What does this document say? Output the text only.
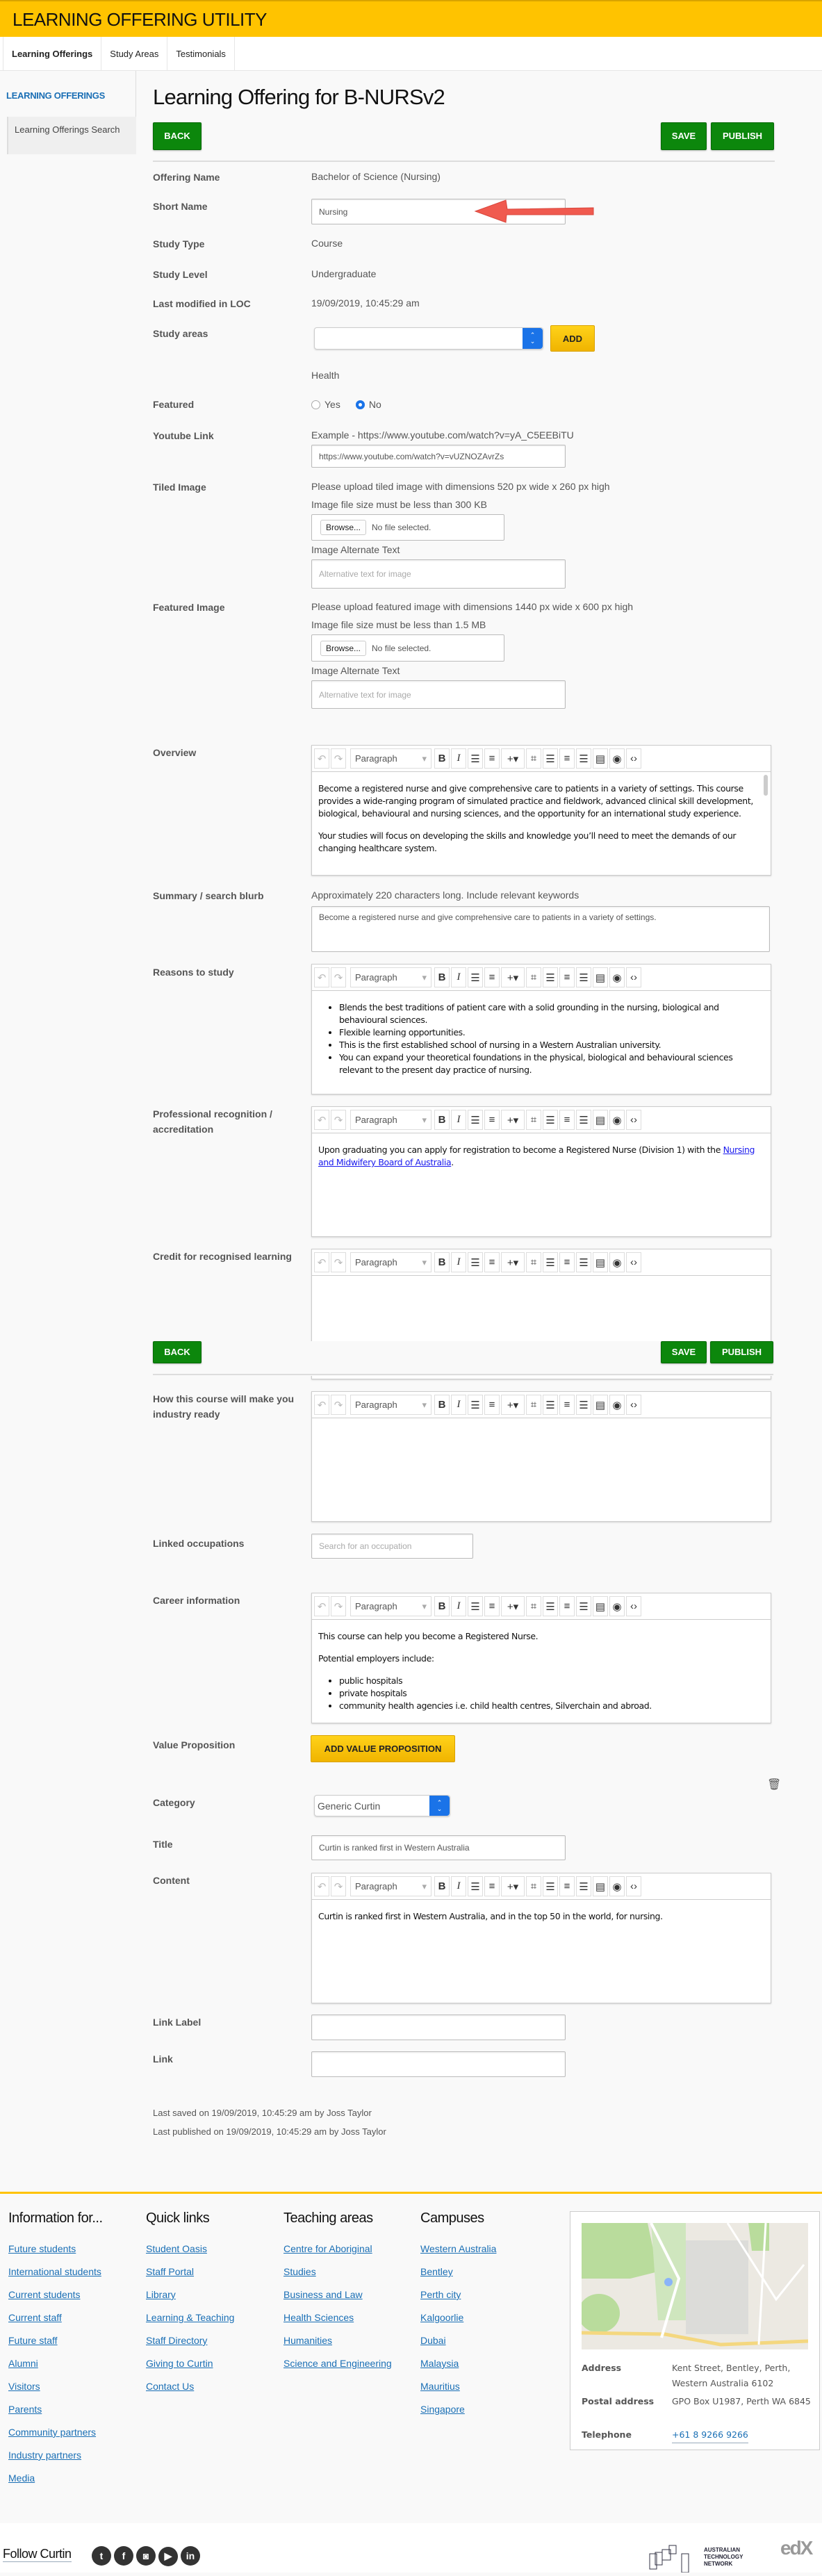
LEARNING OFFERING UTILITY
Learning Offerings	Study Areas	Testimonials
LEARNING OFFERINGS
Learning Offerings Search
Learning Offering for B-NURSv2
BACK	SAVE	PUBLISH
Offering Name	Bachelor of Science (Nursing)
Short Name	Nursing
Study Type	Course
Study Level	Undergraduate
Last modified in LOC	19/09/2019, 10:45:29 am
Study areas	⌃
⌄	ADD
Health
Featured	Yes	No
Youtube Link	Example - https://www.youtube.com/watch?v=yA_C5EEBiTU
https://www.youtube.com/watch?v=vUZNOZAvrZs
Tiled Image	Please upload tiled image with dimensions 520 px wide x 260 px high
Image file size must be less than 300 KB
Browse...	No file selected.
Image Alternate Text
Alternative text for image
Featured Image	Please upload featured image with dimensions 1440 px wide x 600 px high
Image file size must be less than 1.5 MB
Browse...	No file selected.
Image Alternate Text
Alternative text for image
Overview
↶ ↷	Paragraph	▾	B	I ☰ ≡	+▾	⌗ ☰ ≡ ☰ ▤ ◉ ‹›

Become a registered nurse and give comprehensive care to patients in a variety of settings. This course provides a wide-ranging program of simulated practice and fieldwork, advanced clinical skill development, biological, behavioural and nursing sciences, and the opportunity for an international study experience.

Your studies will focus on developing the skills and knowledge you’ll need to meet the demands of our changing healthcare system.

Summary / search blurb	Approximately 220 characters long. Include relevant keywords
Become a registered nurse and give comprehensive care to patients in a variety of settings.
Reasons to study	↶ ↷	Paragraph	▾	B	I ☰ ≡	+▾	⌗ ☰ ≡ ☰ ▤ ◉ ‹›
• Blends the best traditions of patient care with a solid grounding in the nursing, biological and behavioural sciences.
• Flexible learning opportunities.
• This is the first established school of nursing in a Western Australian university.
• You can expand your theoretical foundations in the physical, biological and behavioural sciences relevant to the present day practice of nursing.
Professional recognition / accreditation
↶ ↷	Paragraph	▾	B	I ☰ ≡	+▾	⌗ ☰ ≡ ☰ ▤ ◉ ‹›

Upon graduating you can apply for registration to become a Registered Nurse (Division 1) with the Nursing and Midwifery Board of Australia.

Credit for recognised learning
↶ ↷	Paragraph	▾	B	I ☰ ≡	+▾	⌗ ☰ ≡ ☰ ▤ ◉ ‹›
BACK	SAVE	PUBLISH
How this course will make you industry ready
↶ ↷	Paragraph	▾	B	I ☰ ≡	+▾	⌗ ☰ ≡ ☰ ▤ ◉ ‹›
Linked occupations	Search for an occupation
Career information
↶ ↷	Paragraph	▾	B	I ☰ ≡	+▾	⌗ ☰ ≡ ☰ ▤ ◉ ‹›

This course can help you become a Registered Nurse.

Potential employers include:

• public hospitals
• private hospitals
• community health agencies i.e. child health centres, Silverchain and abroad.
Value Proposition	ADD VALUE PROPOSITION
🗑
Category	Generic Curtin	⌃
⌄
Title	Curtin is ranked first in Western Australia
Content
↶ ↷	Paragraph	▾	B	I ☰ ≡	+▾	⌗ ☰ ≡ ☰ ▤ ◉ ‹›

Curtin is ranked first in Western Australia, and in the top 50 in the world, for nursing.

Link Label
Link
Last saved on 19/09/2019, 10:45:29 am by Joss Taylor
Last published on 19/09/2019, 10:45:29 am by Joss Taylor
Information for...
Future students
International students
Current students
Current staff
Future staff
Alumni
Visitors
Parents
Community partners
Industry partners
Media
Quick links
Student Oasis
Staff Portal
Library
Learning & Teaching
Staff Directory
Giving to Curtin
Contact Us
Teaching areas
Centre for Aboriginal
Studies
Business and Law
Health Sciences
Humanities
Science and Engineering
Campuses
Western Australia
Bentley
Perth city
Kalgoorlie
Dubai
Malaysia
Mauritius
Singapore
Address	Kent Street, Bentley, Perth, Western Australia 6102
Postal address GPO Box U1987, Perth WA 6845
Telephone	+61 8 9266 9266
Follow Curtin	t f ◙ ▶ in
AUSTRALIAN
TECHNOLOGY
NETWORK
edX
